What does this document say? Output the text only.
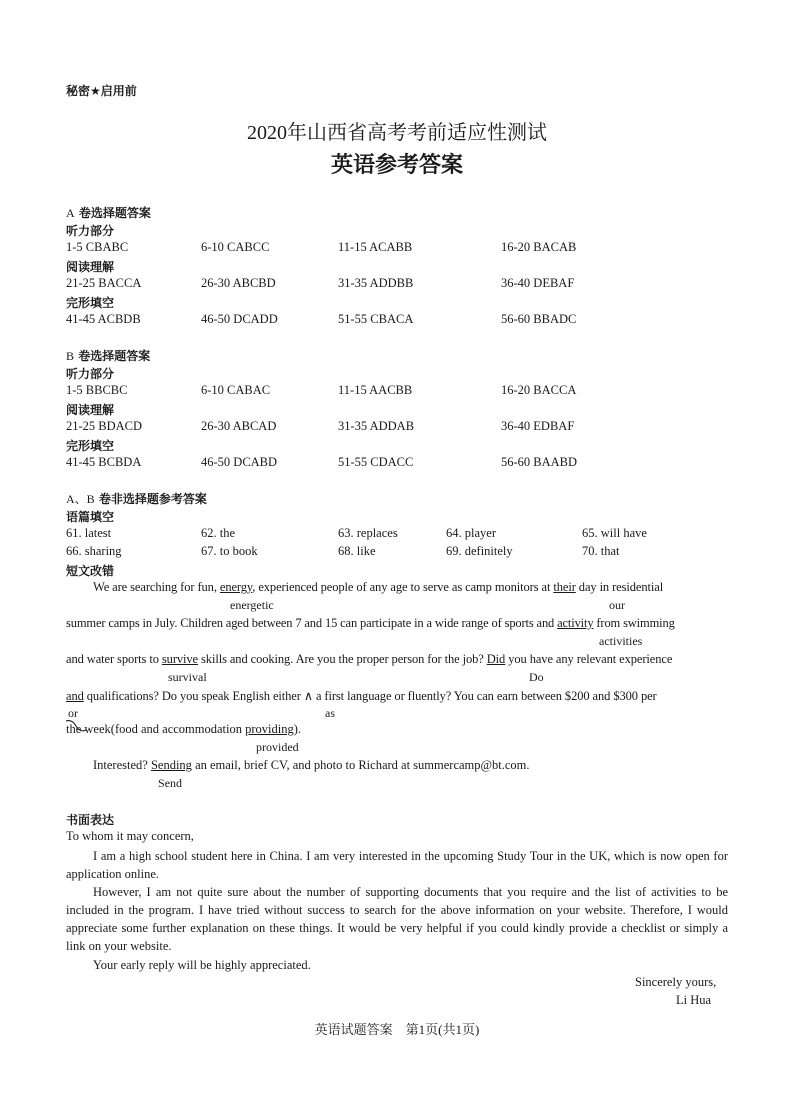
秘密★启用前
2020年山西省高考考前适应性测试
英语参考答案
A 卷选择题答案
听力部分
1-5 CBABC	6-10 CABCC	11-15 ACABB	16-20 BACAB
阅读理解
21-25 BACCA	26-30 ABCBD	31-35 ADDBB	36-40 DEBAF
完形填空
41-45 ACBDB	46-50 DCADD	51-55 CBACA	56-60 BBADC
B 卷选择题答案
听力部分
1-5 BBCBC	6-10 CABAC	11-15 AACBB	16-20 BACCA
阅读理解
21-25 BDACD	26-30 ABCAD	31-35 ADDAB	36-40 EDBAF
完形填空
41-45 BCBDA	46-50 DCABD	51-55 CDACC	56-60 BAABD
A、B 卷非选择题参考答案
语篇填空
61. latest	62. the	63. replaces	64. player	65. will have
66. sharing	67. to book	68. like	69. definitely	70. that
短文改错
We are searching for fun, energy, experienced people of any age to serve as camp monitors at their day in residential
energetic	our
summer camps in July. Children aged between 7 and 15 can participate in a wide range of sports and activity from swimming
activities
and water sports to survive skills and cooking. Are you the proper person for the job? Did you have any relevant experience
survival	Do
and qualifications? Do you speak English either ∧ a first language or fluently? You can earn between $200 and $300 per
or	as
the week(food and accommodation providing).
provided
Interested? Sending an email, brief CV, and photo to Richard at summercamp@bt.com.
Send
书面表达
To whom it may concern,
I am a high school student here in China. I am very interested in the upcoming Study Tour in the UK, which is now open for application online.
However, I am not quite sure about the number of supporting documents that you require and the list of activities to be included in the program. I have tried without success to search for the above information on your website. Therefore, I would appreciate some further explanation on these things. It would be very helpful if you could kindly provide a checklist or simply a link on your website.
Your early reply will be highly appreciated.
Sincerely yours,
Li Hua
英语试题答案　第1页(共1页)
